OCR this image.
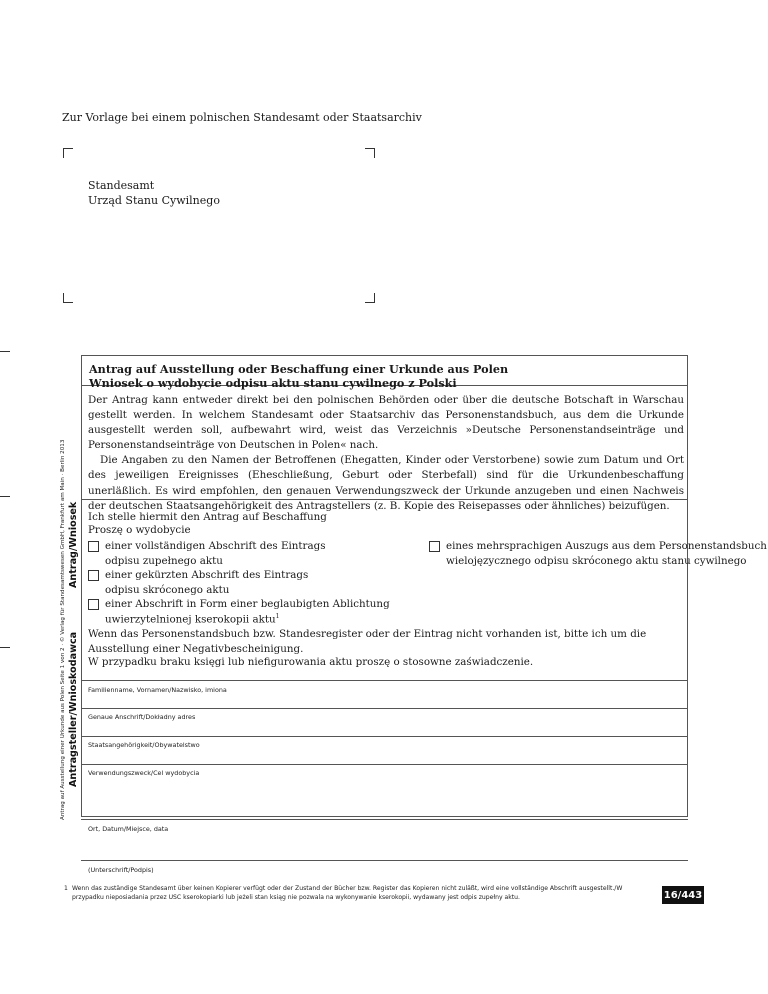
Zur Vorlage bei einem polnischen Standesamt oder Staatsarchiv
Standesamt
Urząd Stanu Cywilnego
Antrag auf Ausstellung einer Urkunde aus Polen Seite 1 von 2 · © Verlag für Standesamtswesen GmbH, Frankfurt am Main · Berlin 2013
Antrag auf Ausstellung oder Beschaffung einer Urkunde aus Polen
Wniosek o wydobycie odpisu aktu stanu cywilnego z Polski

Der Antrag kann entweder direkt bei den polnischen Behörden oder über die deutsche Botschaft in Warschau gestellt werden. In welchem Standesamt oder Staatsarchiv das Personenstandsbuch, aus dem die Urkunde ausgestellt werden soll, aufbewahrt wird, weist das Verzeichnis »Deutsche Personenstandseinträge und Personenstandseinträge von Deutschen in Polen« nach.

Die Angaben zu den Namen der Betroffenen (Ehegatten, Kinder oder Verstorbene) sowie zum Datum und Ort des jeweiligen Ereignisses (Eheschließung, Geburt oder Sterbefall) sind für die Urkundenbeschaffung unerläßlich. Es wird empfohlen, den genauen Verwendungszweck der Urkunde anzugeben und einen Nachweis der deutschen Staatsangehörigkeit des Antragstellers (z. B. Kopie des Reisepasses oder ähnliches) beizufügen.

Antrag/Wniosek Ich stelle hiermit den Antrag auf Beschaffung
Proszę o wydobycie
einer vollständigen Abschrift des Eintrags
odpisu zupełnego aktu
einer gekürzten Abschrift des Eintrags
odpisu skróconego aktu
einer Abschrift in Form einer beglaubigten Ablichtung
uwierzytelnionej kserokopii aktu$^1$
eines mehrsprachigen Auszugs aus dem Personenstandsbuch
wielojęzycznego odpisu skróconego aktu stanu cywilnego
Wenn das Personenstandsbuch bzw. Standesregister oder der Eintrag nicht vorhanden ist, bitte ich um die Ausstellung einer Negativbescheinigung.
W przypadku braku księgi lub niefigurowania aktu proszę o stosowne zaświadczenie.
Antragsteller/Wnioskodawca Familienname, Vornamen/Nazwisko, imiona
Genaue Anschrift/Dokładny adres
Staatsangehörigkeit/Obywatelstwo
Verwendungszweck/Cel wydobycia
Ort, Datum/Miejsce, data
(Unterschrift/Podpis)
1 Wenn das zuständige Standesamt über keinen Kopierer verfügt oder der Zustand der Bücher bzw. Register das Kopieren nicht zuläßt, wird eine vollständige Abschrift ausgestellt./W przypadku nieposiadania przez USC kserokopiarki lub jeżeli stan ksiąg nie pozwala na wykonywanie kserokopii, wydawany jest odpis zupełny aktu.	16/443
